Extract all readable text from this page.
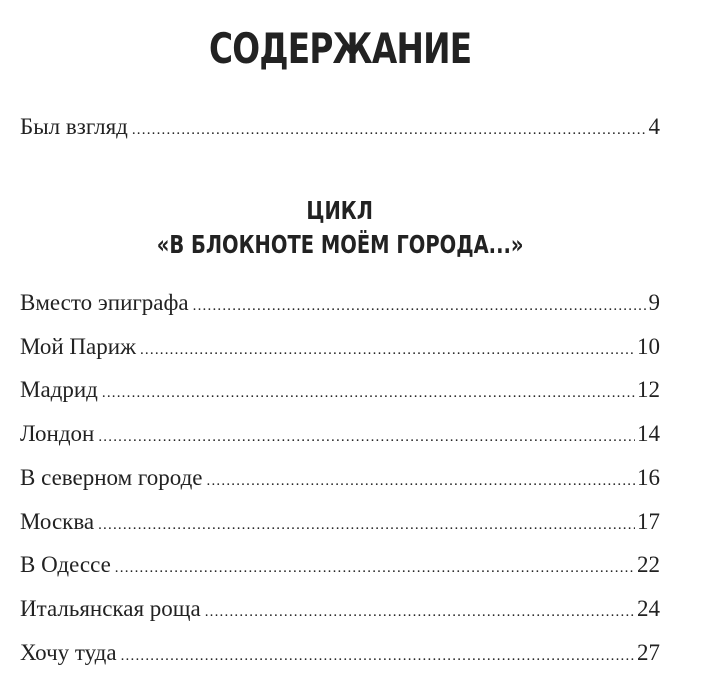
СОДЕРЖАНИЕ
Был взгляд .....	4
ЦИКЛ
«В БЛОКНОТЕ МОЁМ ГОРОДА...»
Вместо эпиграфа .....	9
Мой Париж .....	10
Мадрид .....	12
Лондон .....	14
В северном городе .....	16
Москва .....	17
В Одессе .....	22
Итальянская роща .....	24
Хочу туда .....	27
